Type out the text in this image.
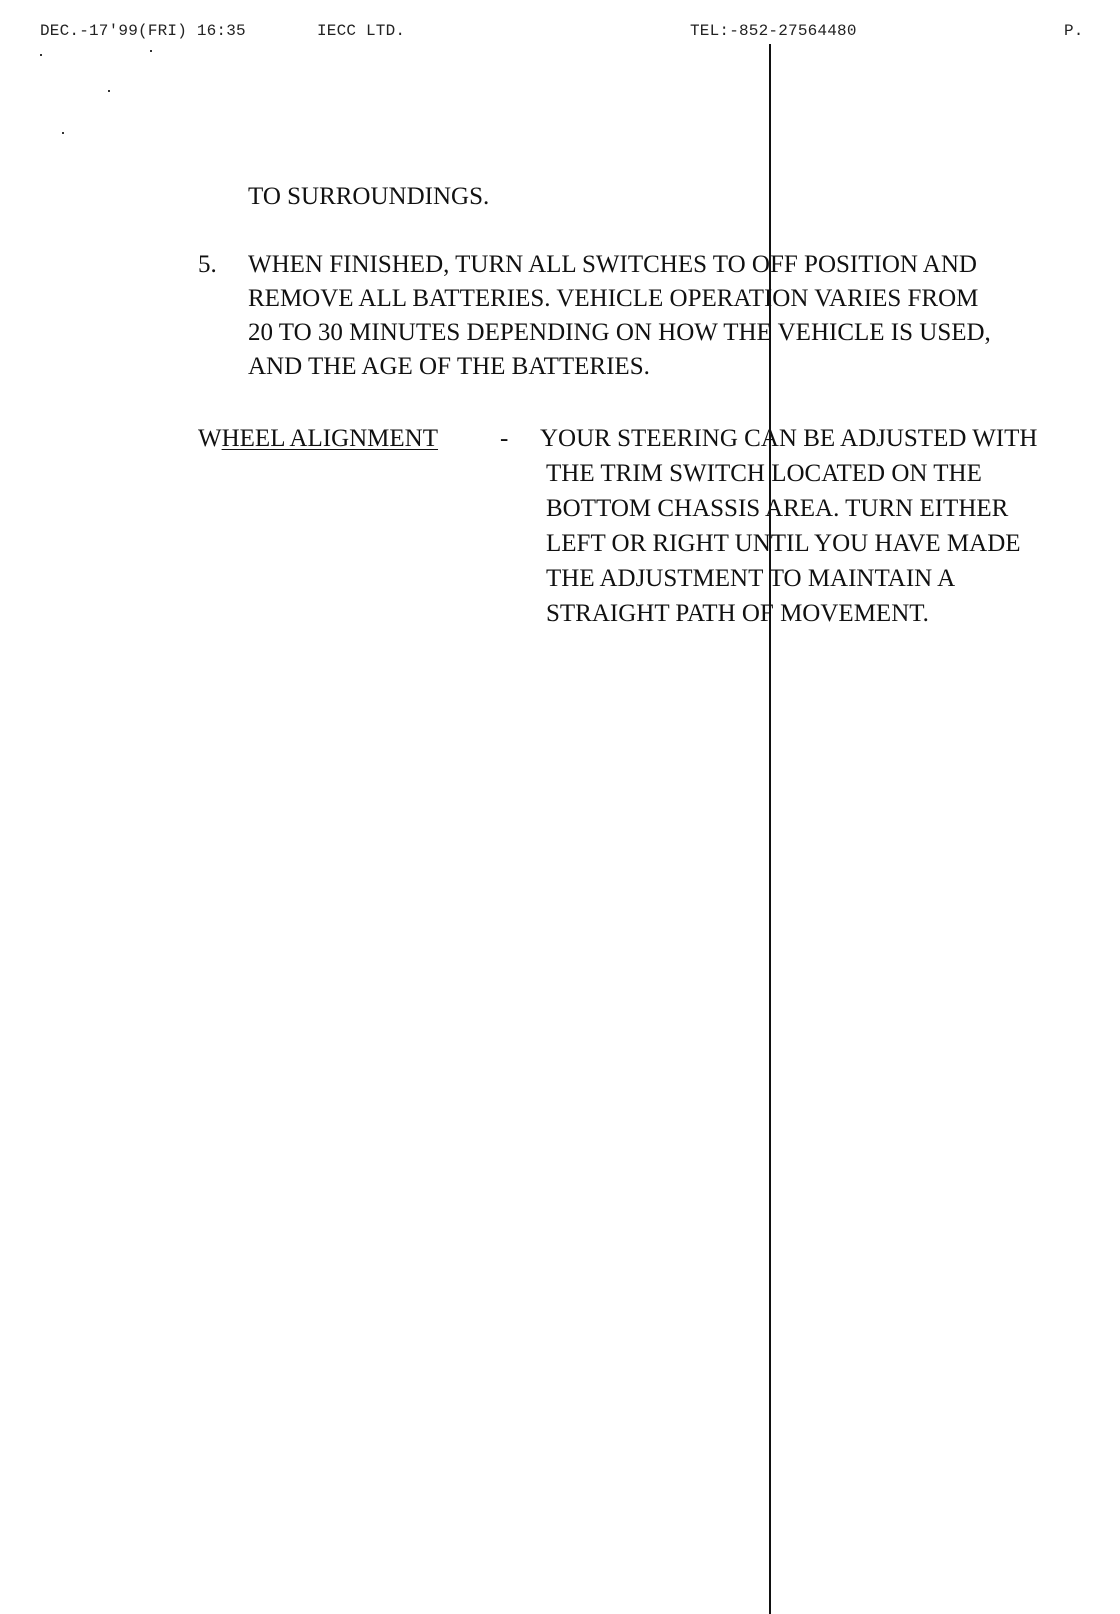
DEC.-17'99(FRI) 16:35	IECC LTD.	TEL:-852-27564480	P.
TO SURROUNDINGS.
5. WHEN FINISHED, TURN ALL SWITCHES TO OFF POSITION AND
REMOVE ALL BATTERIES. VEHICLE OPERATION VARIES FROM
20 TO 30 MINUTES DEPENDING ON HOW THE VEHICLE IS USED,
AND THE AGE OF THE BATTERIES.
WHEEL ALIGNMENT - YOUR STEERING CAN BE ADJUSTED WITH
THE TRIM SWITCH LOCATED ON THE
BOTTOM CHASSIS AREA. TURN EITHER
LEFT OR RIGHT UNTIL YOU HAVE MADE
THE ADJUSTMENT TO MAINTAIN A
STRAIGHT PATH OF MOVEMENT.
